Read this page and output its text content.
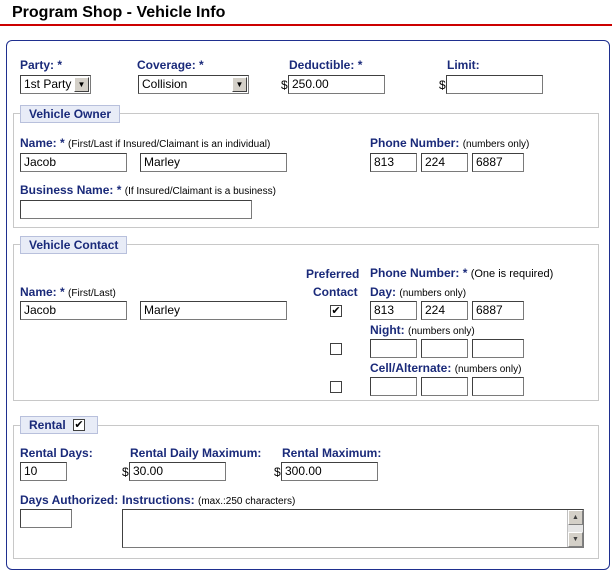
Program Shop - Vehicle Info
Party: *	Coverage: *	Deductible: *	Limit:
1st Party ▼	Collision	▼	$ 250.00	$
Vehicle Owner
Name: * (First/Last if Insured/Claimant is an individual)
Jacob	Marley
Phone Number: (numbers only)
813	224	6887
Business Name: * (If Insured/Claimant is a business)
Vehicle Contact
Preferred
Contact
Phone Number: * (One is required)
Name: * (First/Last)
Jacob	Marley
Day: (numbers only)
✔	813	224	6887
Night: (numbers only)
Cell/Alternate: (numbers only)
Rental ✔
Rental Days:
10
Rental Daily Maximum:
$ 30.00
Rental Maximum:
$ 300.00
Days Authorized: Instructions: (max.:250 characters)
▲
▼
